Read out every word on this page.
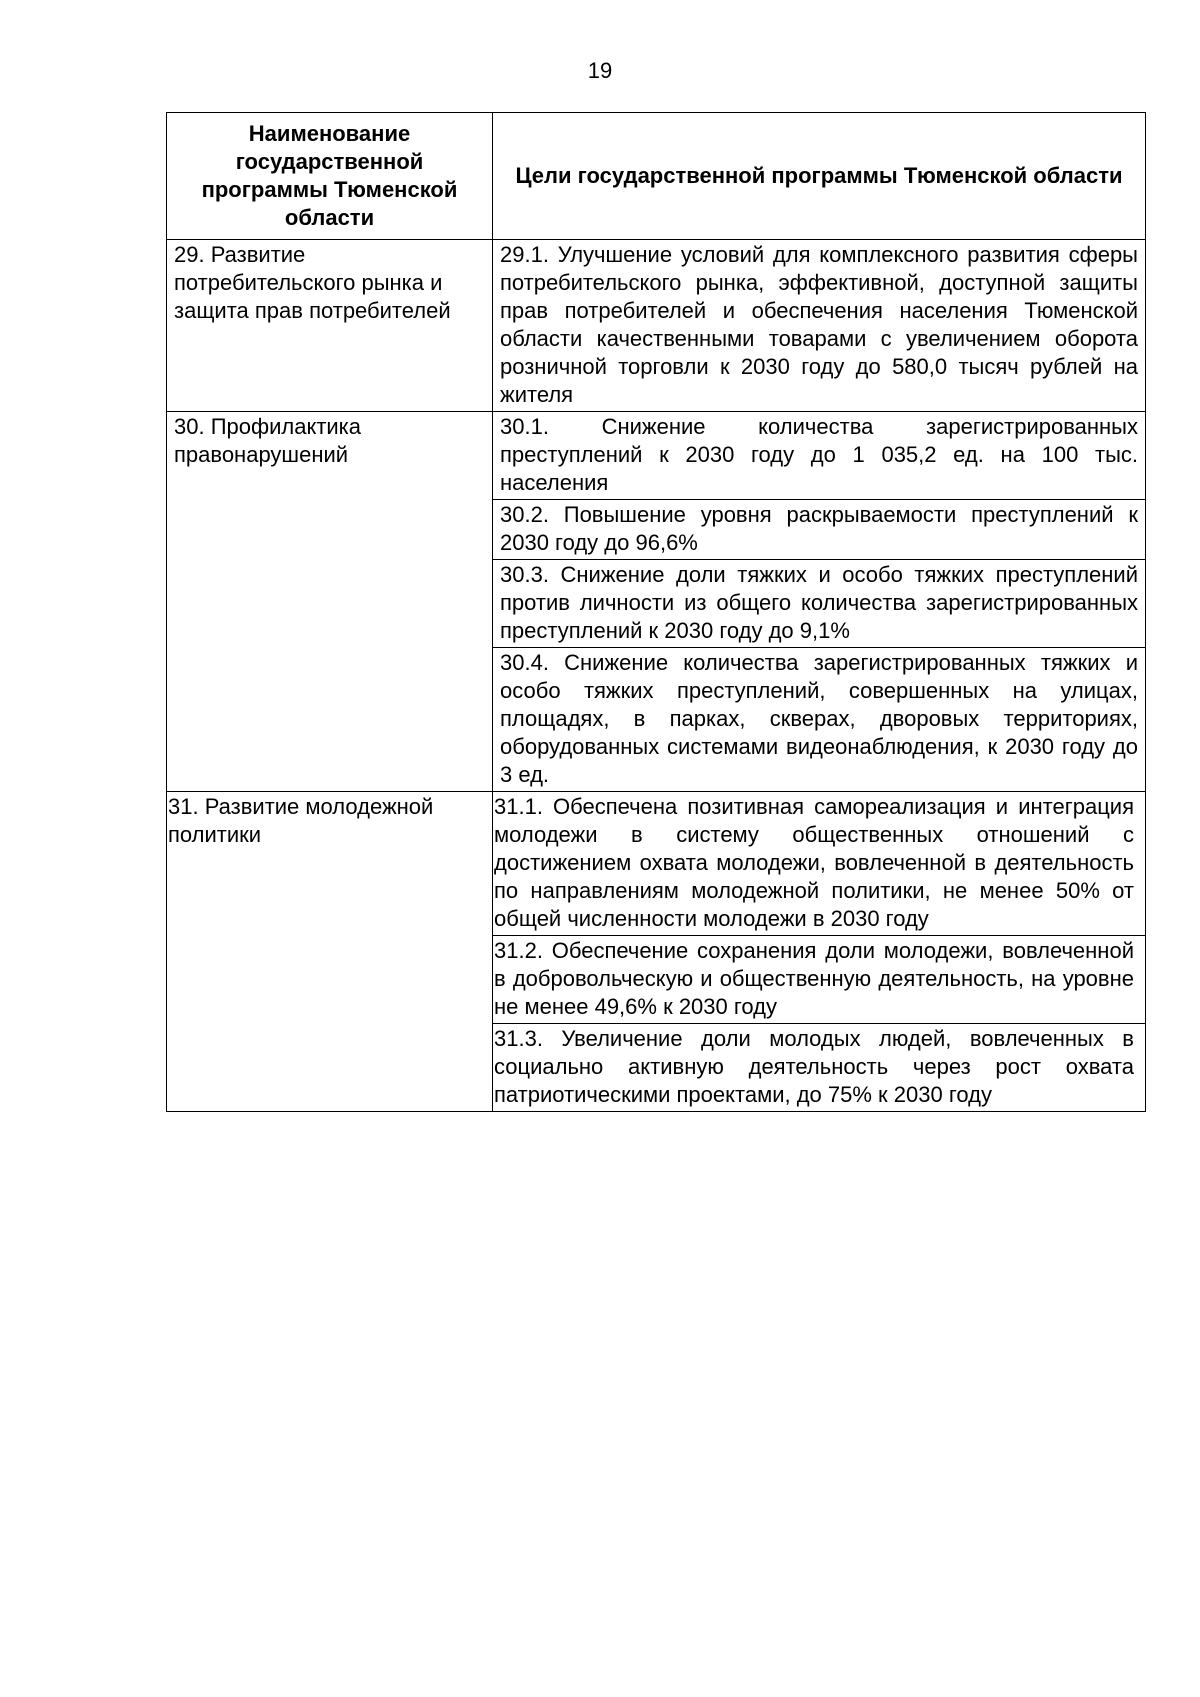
19
Наименование государственной программы Тюменской области	Цели государственной программы Тюменской области
29. Развитие потребительского рынка и защита прав потребителей	29.1. Улучшение условий для комплексного развития сферы потребительского рынка, эффективной, доступной защиты прав потребителей и обеспечения населения Тюменской области качественными товарами с увеличением оборота розничной торговли к 2030 году до 580,0 тысяч рублей на жителя
30. Профилактика правонарушений	30.1. Снижение количества зарегистрированных преступлений к 2030 году до 1 035,2 ед. на 100 тыс. населения
	30.2. Повышение уровня раскрываемости преступлений к 2030 году до 96,6%
	30.3. Снижение доли тяжких и особо тяжких преступлений против личности из общего количества зарегистрированных преступлений к 2030 году до 9,1%
	30.4. Снижение количества зарегистрированных тяжких и особо тяжких преступлений, совершенных на улицах, площадях, в парках, скверах, дворовых территориях, оборудованных системами видеонаблюдения, к 2030 году до 3 ед.
31. Развитие молодежной политики	31.1. Обеспечена позитивная самореализация и интеграция молодежи в систему общественных отношений с достижением охвата молодежи, вовлеченной в деятельность по направлениям молодежной политики, не менее 50% от общей численности молодежи в 2030 году
	31.2. Обеспечение сохранения доли молодежи, вовлеченной в добровольческую и общественную деятельность, на уровне не менее 49,6% к 2030 году
	31.3. Увеличение доли молодых людей, вовлеченных в социально активную деятельность через рост охвата патриотическими проектами, до 75% к 2030 году
